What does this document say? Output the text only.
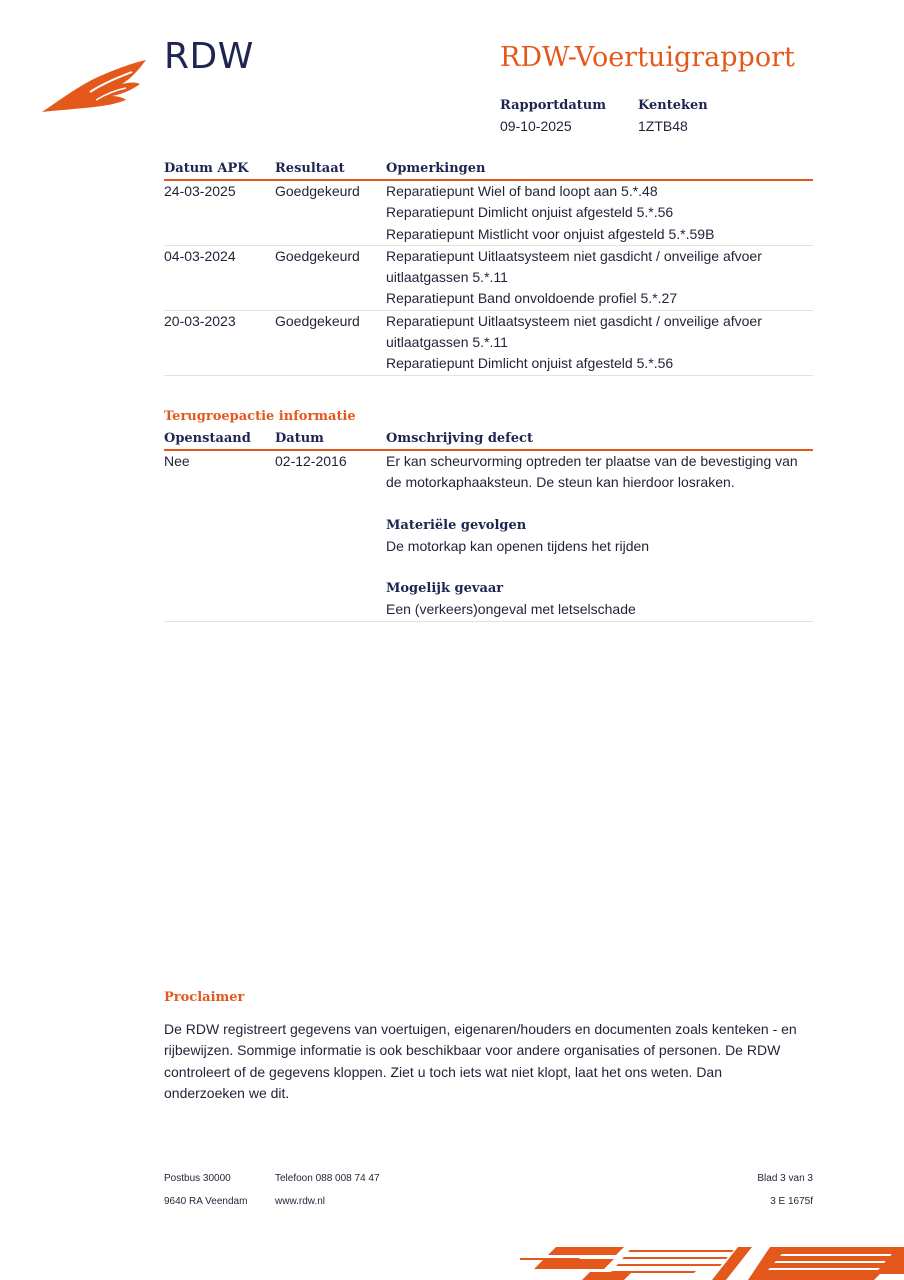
RDW	RDW-Voertuigrapport
Rapportdatum
09-10-2025
Kenteken
1ZTB48
Datum APK Resultaat	Opmerkingen
24-03-2025	Goedgekeurd Reparatiepunt Wiel of band loopt aan 5.*.48
Reparatiepunt Dimlicht onjuist afgesteld 5.*.56
Reparatiepunt Mistlicht voor onjuist afgesteld 5.*.59B
04-03-2024	Goedgekeurd Reparatiepunt Uitlaatsysteem niet gasdicht / onveilige afvoer
uitlaatgassen 5.*.11
Reparatiepunt Band onvoldoende profiel 5.*.27
20-03-2023	Goedgekeurd Reparatiepunt Uitlaatsysteem niet gasdicht / onveilige afvoer
uitlaatgassen 5.*.11
Reparatiepunt Dimlicht onjuist afgesteld 5.*.56
Terugroepactie informatie
Openstaand Datum	Omschrijving defect
Nee	02-12-2016	Er kan scheurvorming optreden ter plaatse van de bevestiging van
de motorkaphaaksteun. De steun kan hierdoor losraken.
Materiële gevolgen
De motorkap kan openen tijdens het rijden
Mogelijk gevaar
Een (verkeers)ongeval met letselschade
Proclaimer
De RDW registreert gegevens van voertuigen, eigenaren/houders en documenten zoals kenteken - en rijbewijzen. Sommige informatie is ook beschikbaar voor andere organisaties of personen. De RDW controleert of de gegevens kloppen. Ziet u toch iets wat niet klopt, laat het ons weten. Dan onderzoeken we dit.
Postbus 30000
9640 RA Veendam
Telefoon 088 008 74 47
www.rdw.nl
Blad 3 van 3
3 E 1675f
